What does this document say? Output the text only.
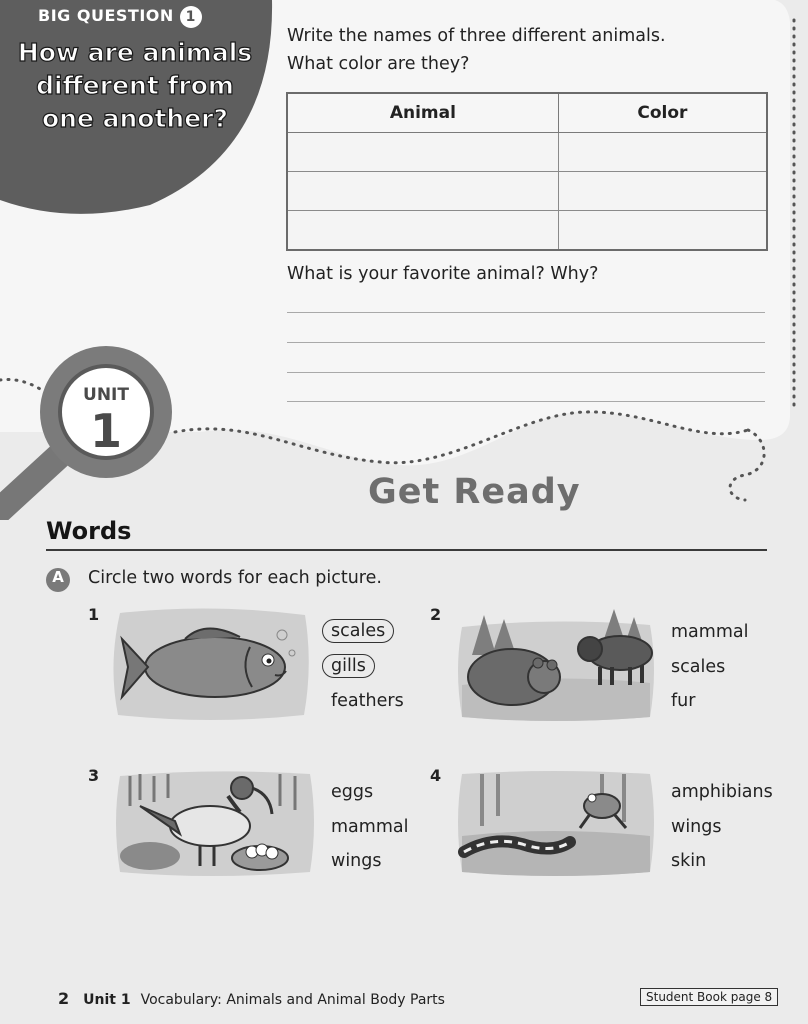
BIG QUESTION 1
How are animals different from one another?
Write the names of three different animals.
What color are they?
Animal	Color

What is your favorite animal? Why?
UNIT
1
Get Ready
Words
A	Circle two words for each picture.
1
scales
gills
feathers
2
mammal
scales
fur
3
eggs
mammal
wings
4
amphibians
wings
skin
2 Unit 1 Vocabulary: Animals and Animal Body Parts	Student Book page 8
